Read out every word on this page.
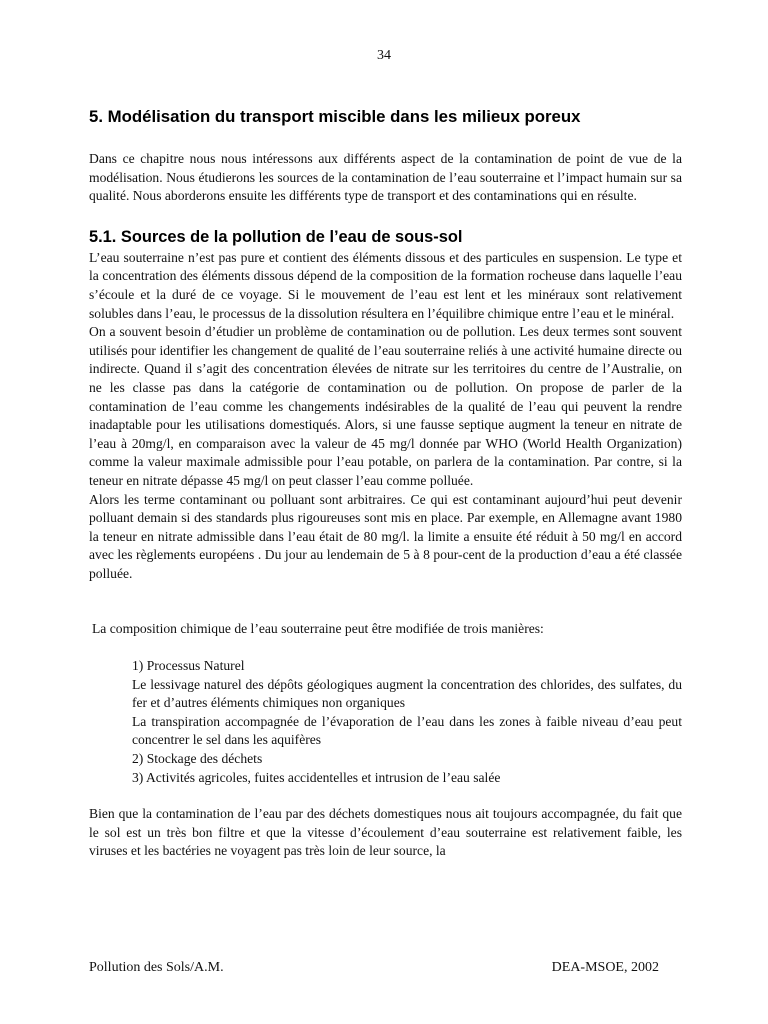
34
5. Modélisation du transport miscible dans les milieux poreux

Dans ce chapitre nous nous intéressons aux différents aspect de la contamination de point de vue de la modélisation. Nous étudierons les sources de la contamination de l’eau souterraine et l’impact humain sur sa qualité. Nous aborderons ensuite les différents type de transport et des contaminations qui en résulte.

5.1. Sources de la pollution de l’eau de sous-sol

L’eau souterraine n’est pas pure et contient des éléments dissous et des particules en suspension. Le type et la concentration des éléments dissous dépend de la composition de la formation rocheuse dans laquelle l’eau s’écoule et la duré de ce voyage. Si le mouvement de l’eau est lent et les minéraux sont relativement solubles dans l’eau, le processus de la dissolution résultera en l’équilibre chimique entre l’eau et le minéral.

On a souvent besoin d’étudier un problème de contamination ou de pollution. Les deux termes sont souvent utilisés pour identifier les changement de qualité de l’eau souterraine reliés à une activité humaine directe ou indirecte. Quand il s’agit des concentration élevées de nitrate sur les territoires du centre de l’Australie, on ne les classe pas dans la catégorie de contamination ou de pollution. On propose de parler de la contamination de l’eau comme les changements indésirables de la qualité de l’eau qui peuvent la rendre inadaptable pour les utilisations domestiqués. Alors, si une fausse septique augment la teneur en nitrate de l’eau à 20mg/l, en comparaison avec la valeur de 45 mg/l donnée par WHO (World Health Organization) comme la valeur maximale admissible pour l’eau potable, on parlera de la contamination. Par contre, si la teneur en nitrate dépasse 45 mg/l on peut classer l’eau comme polluée.

Alors les terme contaminant ou polluant sont arbitraires. Ce qui est contaminant aujourd’hui peut devenir polluant demain si des standards plus rigoureuses sont mis en place. Par exemple, en Allemagne avant 1980 la teneur en nitrate admissible dans l’eau était de 80 mg/l. la limite a ensuite été réduit à 50 mg/l en accord avec les règlements européens . Du jour au lendemain de 5 à 8 pour-cent de la production d’eau a été classée polluée.

La composition chimique de l’eau souterraine peut être modifiée de trois manières:

1) Processus Naturel

Le lessivage naturel des dépôts géologiques augment la concentration des chlorides, des sulfates, du fer et d’autres éléments chimiques non organiques

La transpiration accompagnée de l’évaporation de l’eau dans les zones à faible niveau d’eau peut concentrer le sel dans les aquifères

2) Stockage des déchets

3) Activités agricoles, fuites accidentelles et intrusion de l’eau salée

Bien que la contamination de l’eau par des déchets domestiques nous ait toujours accompagnée, du fait que le sol est un très bon filtre et que la vitesse d’écoulement d’eau souterraine est relativement faible, les viruses et les bactéries ne voyagent pas très loin de leur source, la

Pollution des Sols/A.M.	DEA-MSOE, 2002
